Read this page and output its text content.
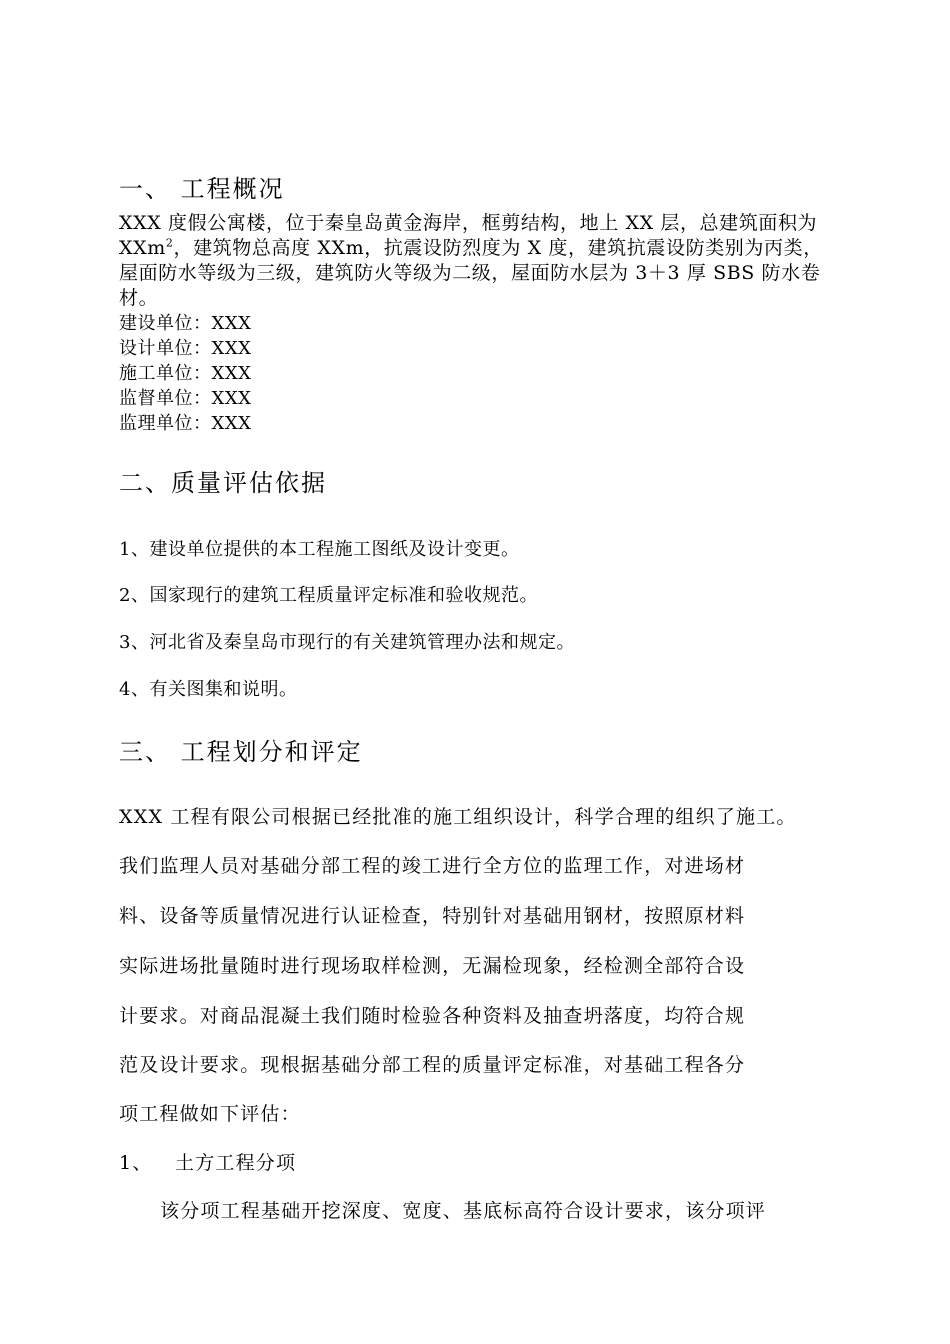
一、 工程概况
XXX 度假公寓楼，位于秦皇岛黄金海岸，框剪结构，地上 XX 层，总建筑面积为 XXm$^2$，建筑物总高度 XXm，抗震设防烈度为 X 度，建筑抗震设防类别为丙类，屋面防水等级为三级，建筑防火等级为二级，屋面防水层为 3＋3 厚 SBS 防水卷材。
建设单位：XXX
设计单位：XXX
施工单位：XXX
监督单位：XXX
监理单位：XXX
二、质量评估依据
1、建设单位提供的本工程施工图纸及设计变更。
2、国家现行的建筑工程质量评定标准和验收规范。
3、河北省及秦皇岛市现行的有关建筑管理办法和规定。
4、有关图集和说明。
三、 工程划分和评定
XXX 工程有限公司根据已经批准的施工组织设计，科学合理的组织了施工。
我们监理人员对基础分部工程的竣工进行全方位的监理工作，对进场材
料、设备等质量情况进行认证检查，特别针对基础用钢材，按照原材料
实际进场批量随时进行现场取样检测，无漏检现象，经检测全部符合设
计要求。对商品混凝土我们随时检验各种资料及抽查坍落度，均符合规
范及设计要求。现根据基础分部工程的质量评定标准，对基础工程各分
项工程做如下评估：
1、 土方工程分项
该分项工程基础开挖深度、宽度、基底标高符合设计要求，该分项评
